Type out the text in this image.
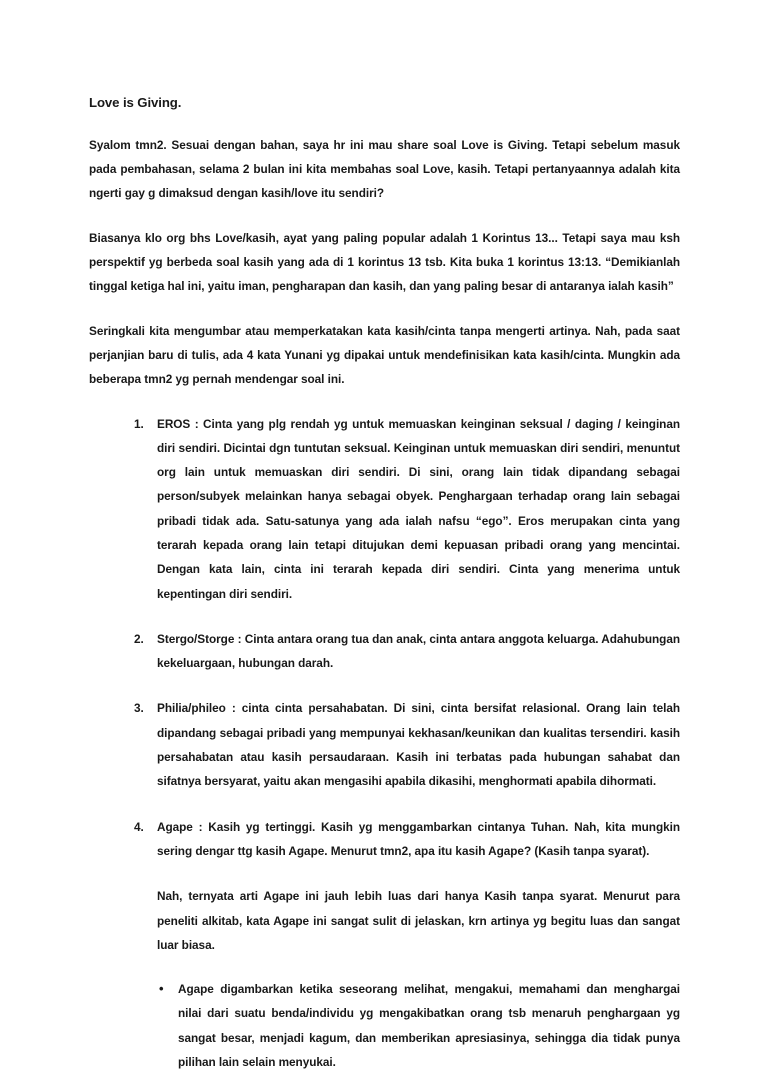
Love is Giving.

Syalom tmn2. Sesuai dengan bahan, saya hr ini mau share soal Love is Giving. Tetapi sebelum masuk pada pembahasan, selama 2 bulan ini kita membahas soal Love, kasih. Tetapi pertanyaannya adalah kita ngerti gay g dimaksud dengan kasih/love itu sendiri?

Biasanya klo org bhs Love/kasih, ayat yang paling popular adalah 1 Korintus 13... Tetapi saya mau ksh perspektif yg berbeda soal kasih yang ada di 1 korintus 13 tsb. Kita buka 1 korintus 13:13. “Demikianlah tinggal ketiga hal ini, yaitu iman, pengharapan dan kasih, dan yang paling besar di antaranya ialah kasih”

Seringkali kita mengumbar atau memperkatakan kata kasih/cinta tanpa mengerti artinya. Nah, pada saat perjanjian baru di tulis, ada 4 kata Yunani yg dipakai untuk mendefinisikan kata kasih/cinta. Mungkin ada beberapa tmn2 yg pernah mendengar soal ini.

1.	EROS : Cinta yang plg rendah yg untuk memuaskan keinginan seksual / daging / keinginan diri sendiri. Dicintai dgn tuntutan seksual. Keinginan untuk memuaskan diri sendiri, menuntut org lain untuk memuaskan diri sendiri. Di sini, orang lain tidak dipandang sebagai person/subyek melainkan hanya sebagai obyek. Penghargaan terhadap orang lain sebagai pribadi tidak ada. Satu-satunya yang ada ialah nafsu “ego”. Eros merupakan cinta yang terarah kepada orang lain tetapi ditujukan demi kepuasan pribadi orang yang mencintai. Dengan kata lain, cinta ini terarah kepada diri sendiri. Cinta yang menerima untuk kepentingan diri sendiri.
2.	Stergo/Storge : Cinta antara orang tua dan anak, cinta antara anggota keluarga. Adahubungan kekeluargaan, hubungan darah.
3.	Philia/phileo : cinta cinta persahabatan. Di sini, cinta bersifat relasional. Orang lain telah dipandang sebagai pribadi yang mempunyai kekhasan/keunikan dan kualitas tersendiri. kasih persahabatan atau kasih persaudaraan. Kasih ini terbatas pada hubungan sahabat dan sifatnya bersyarat, yaitu akan mengasihi apabila dikasihi, menghormati apabila dihormati.
4.	Agape : Kasih yg tertinggi. Kasih yg menggambarkan cintanya Tuhan. Nah, kita mungkin sering dengar ttg kasih Agape. Menurut tmn2, apa itu kasih Agape? (Kasih tanpa syarat).

Nah, ternyata arti Agape ini jauh lebih luas dari hanya Kasih tanpa syarat. Menurut para peneliti alkitab, kata Agape ini sangat sulit di jelaskan, krn artinya yg begitu luas dan sangat luar biasa.

• Agape digambarkan ketika seseorang melihat, mengakui, memahami dan menghargai nilai dari suatu benda/individu yg mengakibatkan orang tsb menaruh penghargaan yg sangat besar, menjadi kagum, dan memberikan apresiasinya, sehingga dia tidak punya pilihan lain selain menyukai.
